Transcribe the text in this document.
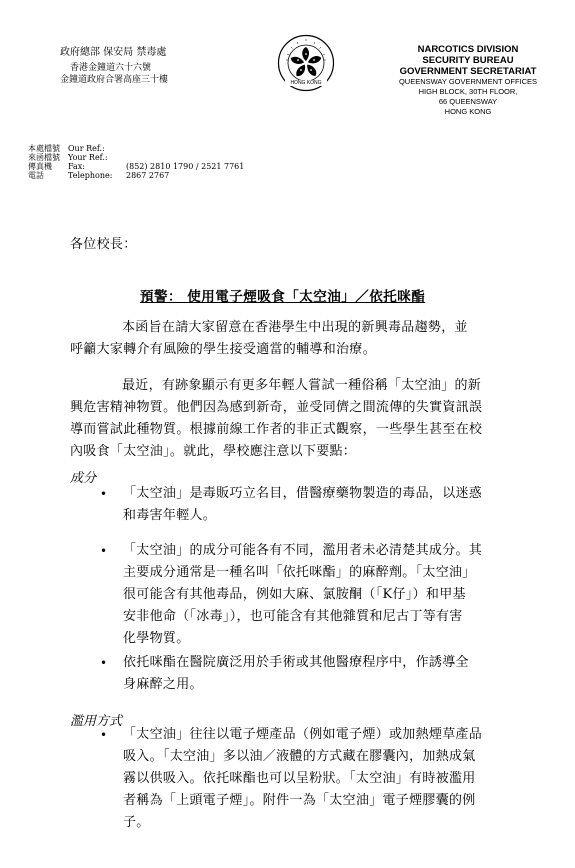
政府總部 保安局 禁毒處
香港金鐘道六十六號
金鐘道政府合署高座三十樓	HONG KONG
NARCOTICS DIVISION
SECURITY BUREAU
GOVERNMENT SECRETARIAT
QUEENSWAY GOVERNMENT OFFICES
HIGH BLOCK, 30TH FLOOR,
66 QUEENSWAY
HONG KONG
本處檔號	Our Ref.:
來函檔號	Your Ref.:
傳真機	Fax:	(852) 2810 1790 / 2521 7761
電話	Telephone:	2867 2767
各位校長：
預警： 使用電子煙吸食「太空油」／依托咪酯
本函旨在請大家留意在香港學生中出現的新興毒品趨勢，並
呼籲大家轉介有風險的學生接受適當的輔導和治療。
最近，有跡象顯示有更多年輕人嘗試一種俗稱「太空油」的新
興危害精神物質。他們因為感到新奇，並受同儕之間流傳的失實資訊誤
導而嘗試此種物質。根據前線工作者的非正式觀察，一些學生甚至在校
內吸食「太空油」。就此，學校應注意以下要點：
成分
• 「太空油」是毒販巧立名目，借醫療藥物製造的毒品，以迷惑
和毒害年輕人。
• 「太空油」的成分可能各有不同，濫用者未必清楚其成分。其
主要成分通常是一種名叫「依托咪酯」的麻醉劑。「太空油」
很可能含有其他毒品，例如大麻、氯胺酮（「K仔」）和甲基
安非他命（「冰毒」），也可能含有其他雜質和尼古丁等有害
化學物質。
• 依托咪酯在醫院廣泛用於手術或其他醫療程序中，作誘導全
身麻醉之用。
濫用方式
• 「太空油」往往以電子煙產品（例如電子煙）或加熱煙草產品
吸入。「太空油」多以油／液體的方式藏在膠囊內，加熱成氣
霧以供吸入。依托咪酯也可以呈粉狀。「太空油」有時被濫用
者稱為「上頭電子煙」。附件一為「太空油」電子煙膠囊的例
子。
